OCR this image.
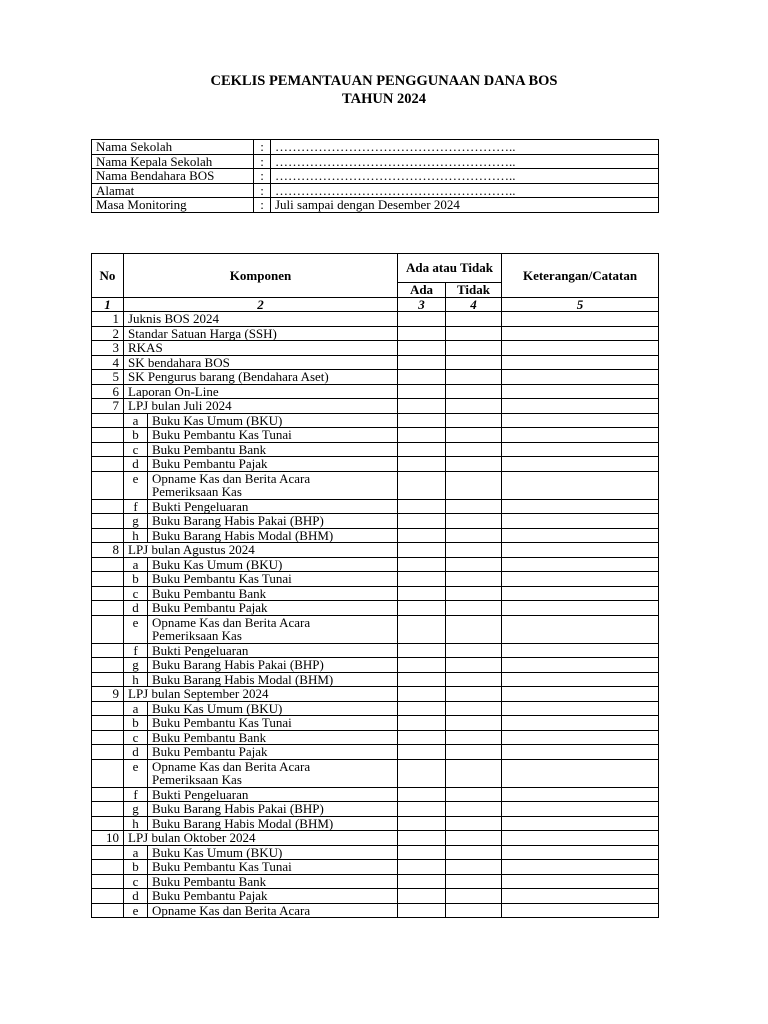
CEKLIS PEMANTAUAN PENGGUNAAN DANA BOS
TAHUN 2024
Nama Sekolah	:	………………………………………………..
Nama Kepala Sekolah	:	………………………………………………..
Nama Bendahara BOS	:	………………………………………………..
Alamat	:	………………………………………………..
Masa Monitoring	:	Juli sampai dengan Desember 2024
No	Komponen		Ada atau Tidak		Keterangan/Catatan
			Ada	Tidak	
1	2		3	4	5
1	Juknis BOS 2024				
2	Standar Satuan Harga (SSH)				
3	RKAS				
4	SK bendahara BOS				
5	SK Pengurus barang (Bendahara Aset)				
6	Laporan On-Line				
7	LPJ bulan Juli 2024				
	a	Buku Kas Umum (BKU)			

	b	Buku Pembantu Kas Tunai			

	c	Buku Pembantu Bank			

	d	Buku Pembantu Pajak			

	e	Opname Kas dan Berita Acara
Pemeriksaan Kas			

	f	Bukti Pengeluaran			

	g	Buku Barang Habis Pakai (BHP)			

	h	Buku Barang Habis Modal (BHM)			

8	LPJ bulan Agustus 2024				
	a	Buku Kas Umum (BKU)			

	b	Buku Pembantu Kas Tunai			

	c	Buku Pembantu Bank			

	d	Buku Pembantu Pajak			

	e	Opname Kas dan Berita Acara
Pemeriksaan Kas			

	f	Bukti Pengeluaran			

	g	Buku Barang Habis Pakai (BHP)			

	h	Buku Barang Habis Modal (BHM)			

9	LPJ bulan September 2024				
	a	Buku Kas Umum (BKU)			

	b	Buku Pembantu Kas Tunai			

	c	Buku Pembantu Bank			

	d	Buku Pembantu Pajak			

	e	Opname Kas dan Berita Acara
Pemeriksaan Kas			

	f	Bukti Pengeluaran			

	g	Buku Barang Habis Pakai (BHP)			

	h	Buku Barang Habis Modal (BHM)			

10	LPJ bulan Oktober 2024				
	a	Buku Kas Umum (BKU)			

	b	Buku Pembantu Kas Tunai			

	c	Buku Pembantu Bank			

	d	Buku Pembantu Pajak			

	e	Opname Kas dan Berita Acara			
